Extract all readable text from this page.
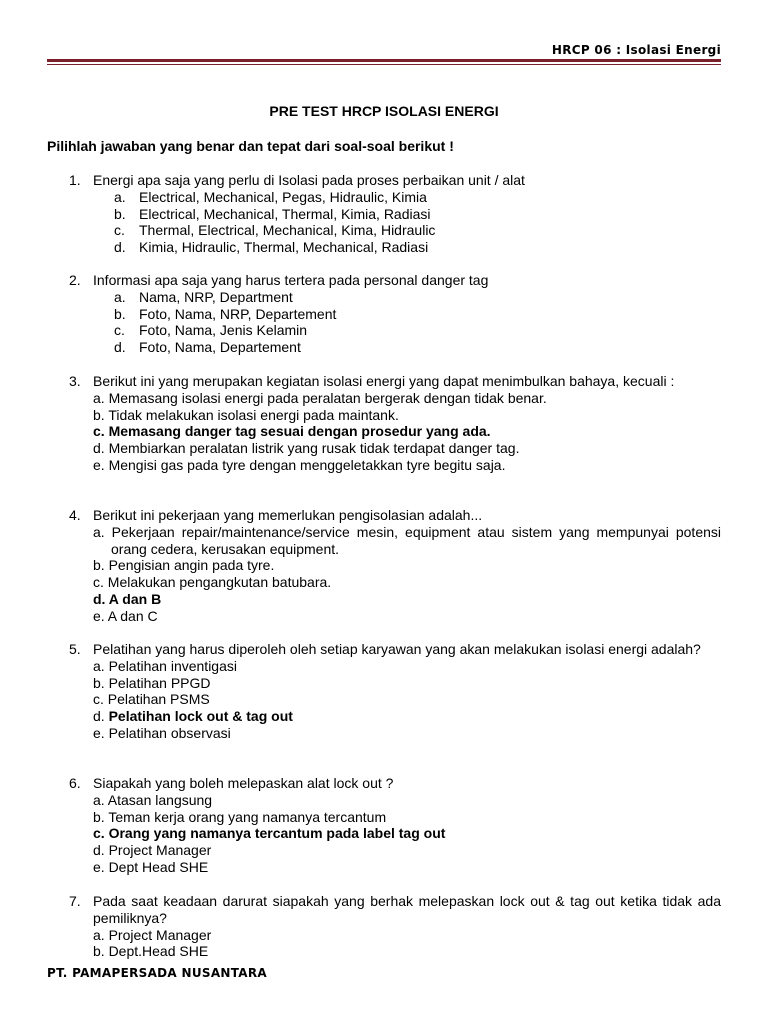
HRCP 06 : Isolasi Energi
PRE TEST HRCP ISOLASI ENERGI
Pilihlah jawaban yang benar dan tepat dari soal-soal berikut !
1. Energi apa saja yang perlu di Isolasi pada proses perbaikan unit / alat
a. Electrical, Mechanical, Pegas, Hidraulic, Kimia
b. Electrical, Mechanical, Thermal, Kimia, Radiasi
c. Thermal, Electrical, Mechanical, Kima, Hidraulic
d. Kimia, Hidraulic, Thermal, Mechanical, Radiasi
2. Informasi apa saja yang harus tertera pada personal danger tag
a. Nama, NRP, Department
b. Foto, Nama, NRP, Departement
c. Foto, Nama, Jenis Kelamin
d. Foto, Nama, Departement
3. Berikut ini yang merupakan kegiatan isolasi energi yang dapat menimbulkan bahaya, kecuali :
a. Memasang isolasi energi pada peralatan bergerak dengan tidak benar.
b. Tidak melakukan isolasi energi pada maintank.
c. Memasang danger tag sesuai dengan prosedur yang ada.
d. Membiarkan peralatan listrik yang rusak tidak terdapat danger tag.
e. Mengisi gas pada tyre dengan menggeletakkan tyre begitu saja.
4. Berikut ini pekerjaan yang memerlukan pengisolasian adalah...
a. Pekerjaan repair/maintenance/service mesin, equipment atau sistem yang mempunyai potensi orang cedera, kerusakan equipment.
b. Pengisian angin pada tyre.
c. Melakukan pengangkutan batubara.
d. A dan B
e. A dan C
5. Pelatihan yang harus diperoleh oleh setiap karyawan yang akan melakukan isolasi energi adalah?
a. Pelatihan inventigasi
b. Pelatihan PPGD
c. Pelatihan PSMS
d. Pelatihan lock out & tag out
e. Pelatihan observasi
6. Siapakah yang boleh melepaskan alat lock out ?
a. Atasan langsung
b. Teman kerja orang yang namanya tercantum
c. Orang yang namanya tercantum pada label tag out
d. Project Manager
e. Dept Head SHE
7. Pada saat keadaan darurat siapakah yang berhak melepaskan lock out & tag out ketika tidak ada pemiliknya?
a. Project Manager
b. Dept.Head SHE
PT. PAMAPERSADA NUSANTARA
